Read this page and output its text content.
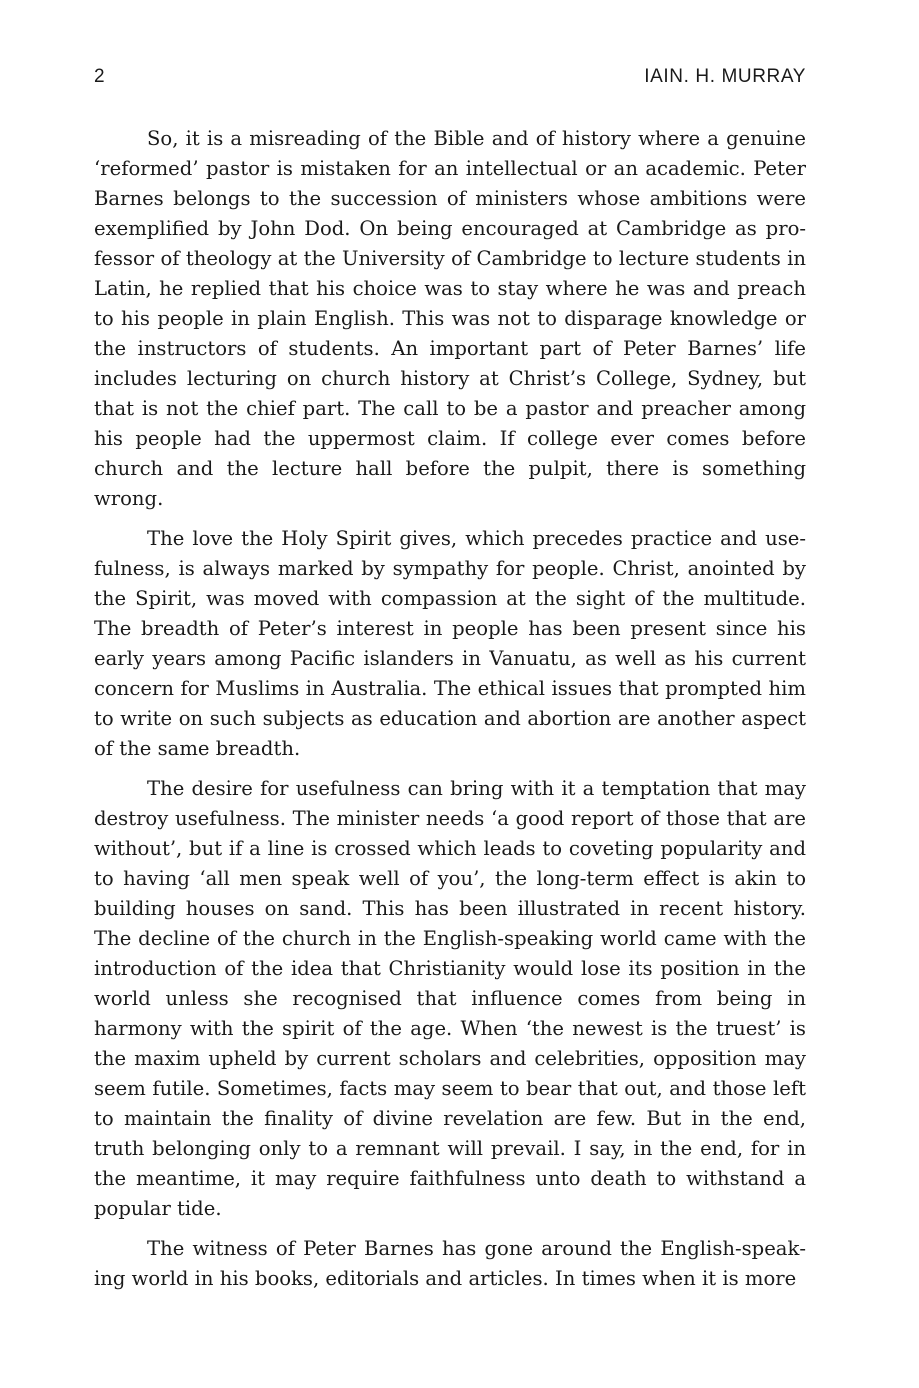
2	IAIN. H. MURRAY

So, it is a misreading of the Bible and of history where a genuine ‘reformed’ pastor is mistaken for an intellectual or an academic. Peter Barnes belongs to the succession of ministers whose ambitions were exemplified by John Dod. On being encouraged at Cambridge as professor of theology at the University of Cambridge to lecture students in Latin, he replied that his choice was to stay where he was and preach to his people in plain English. This was not to disparage knowledge or the instructors of students. An important part of Peter Barnes’ life includes lecturing on church history at Christ’s College, Sydney, but that is not the chief part. The call to be a pastor and preacher among his people had the uppermost claim. If college ever comes before church and the lecture hall before the pulpit, there is something wrong.

The love the Holy Spirit gives, which precedes practice and usefulness, is always marked by sympathy for people. Christ, anointed by the Spirit, was moved with compassion at the sight of the multitude. The breadth of Peter’s interest in people has been present since his early years among Pacific islanders in Vanuatu, as well as his current concern for Muslims in Australia. The ethical issues that prompted him to write on such subjects as education and abortion are another aspect of the same breadth.

The desire for usefulness can bring with it a temptation that may destroy usefulness. The minister needs ‘a good report of those that are without’, but if a line is crossed which leads to coveting popularity and to having ‘all men speak well of you’, the long-term effect is akin to building houses on sand. This has been illustrated in recent history. The decline of the church in the English-speaking world came with the introduction of the idea that Christianity would lose its position in the world unless she recognised that influence comes from being in harmony with the spirit of the age. When ‘the newest is the truest’ is the maxim upheld by current scholars and celebrities, opposition may seem futile. Sometimes, facts may seem to bear that out, and those left to maintain the finality of divine revelation are few. But in the end, truth belonging only to a remnant will prevail. I say, in the end, for in the meantime, it may require faithfulness unto death to withstand a popular tide.

The witness of Peter Barnes has gone around the English-speaking world in his books, editorials and articles. In times when it is more
